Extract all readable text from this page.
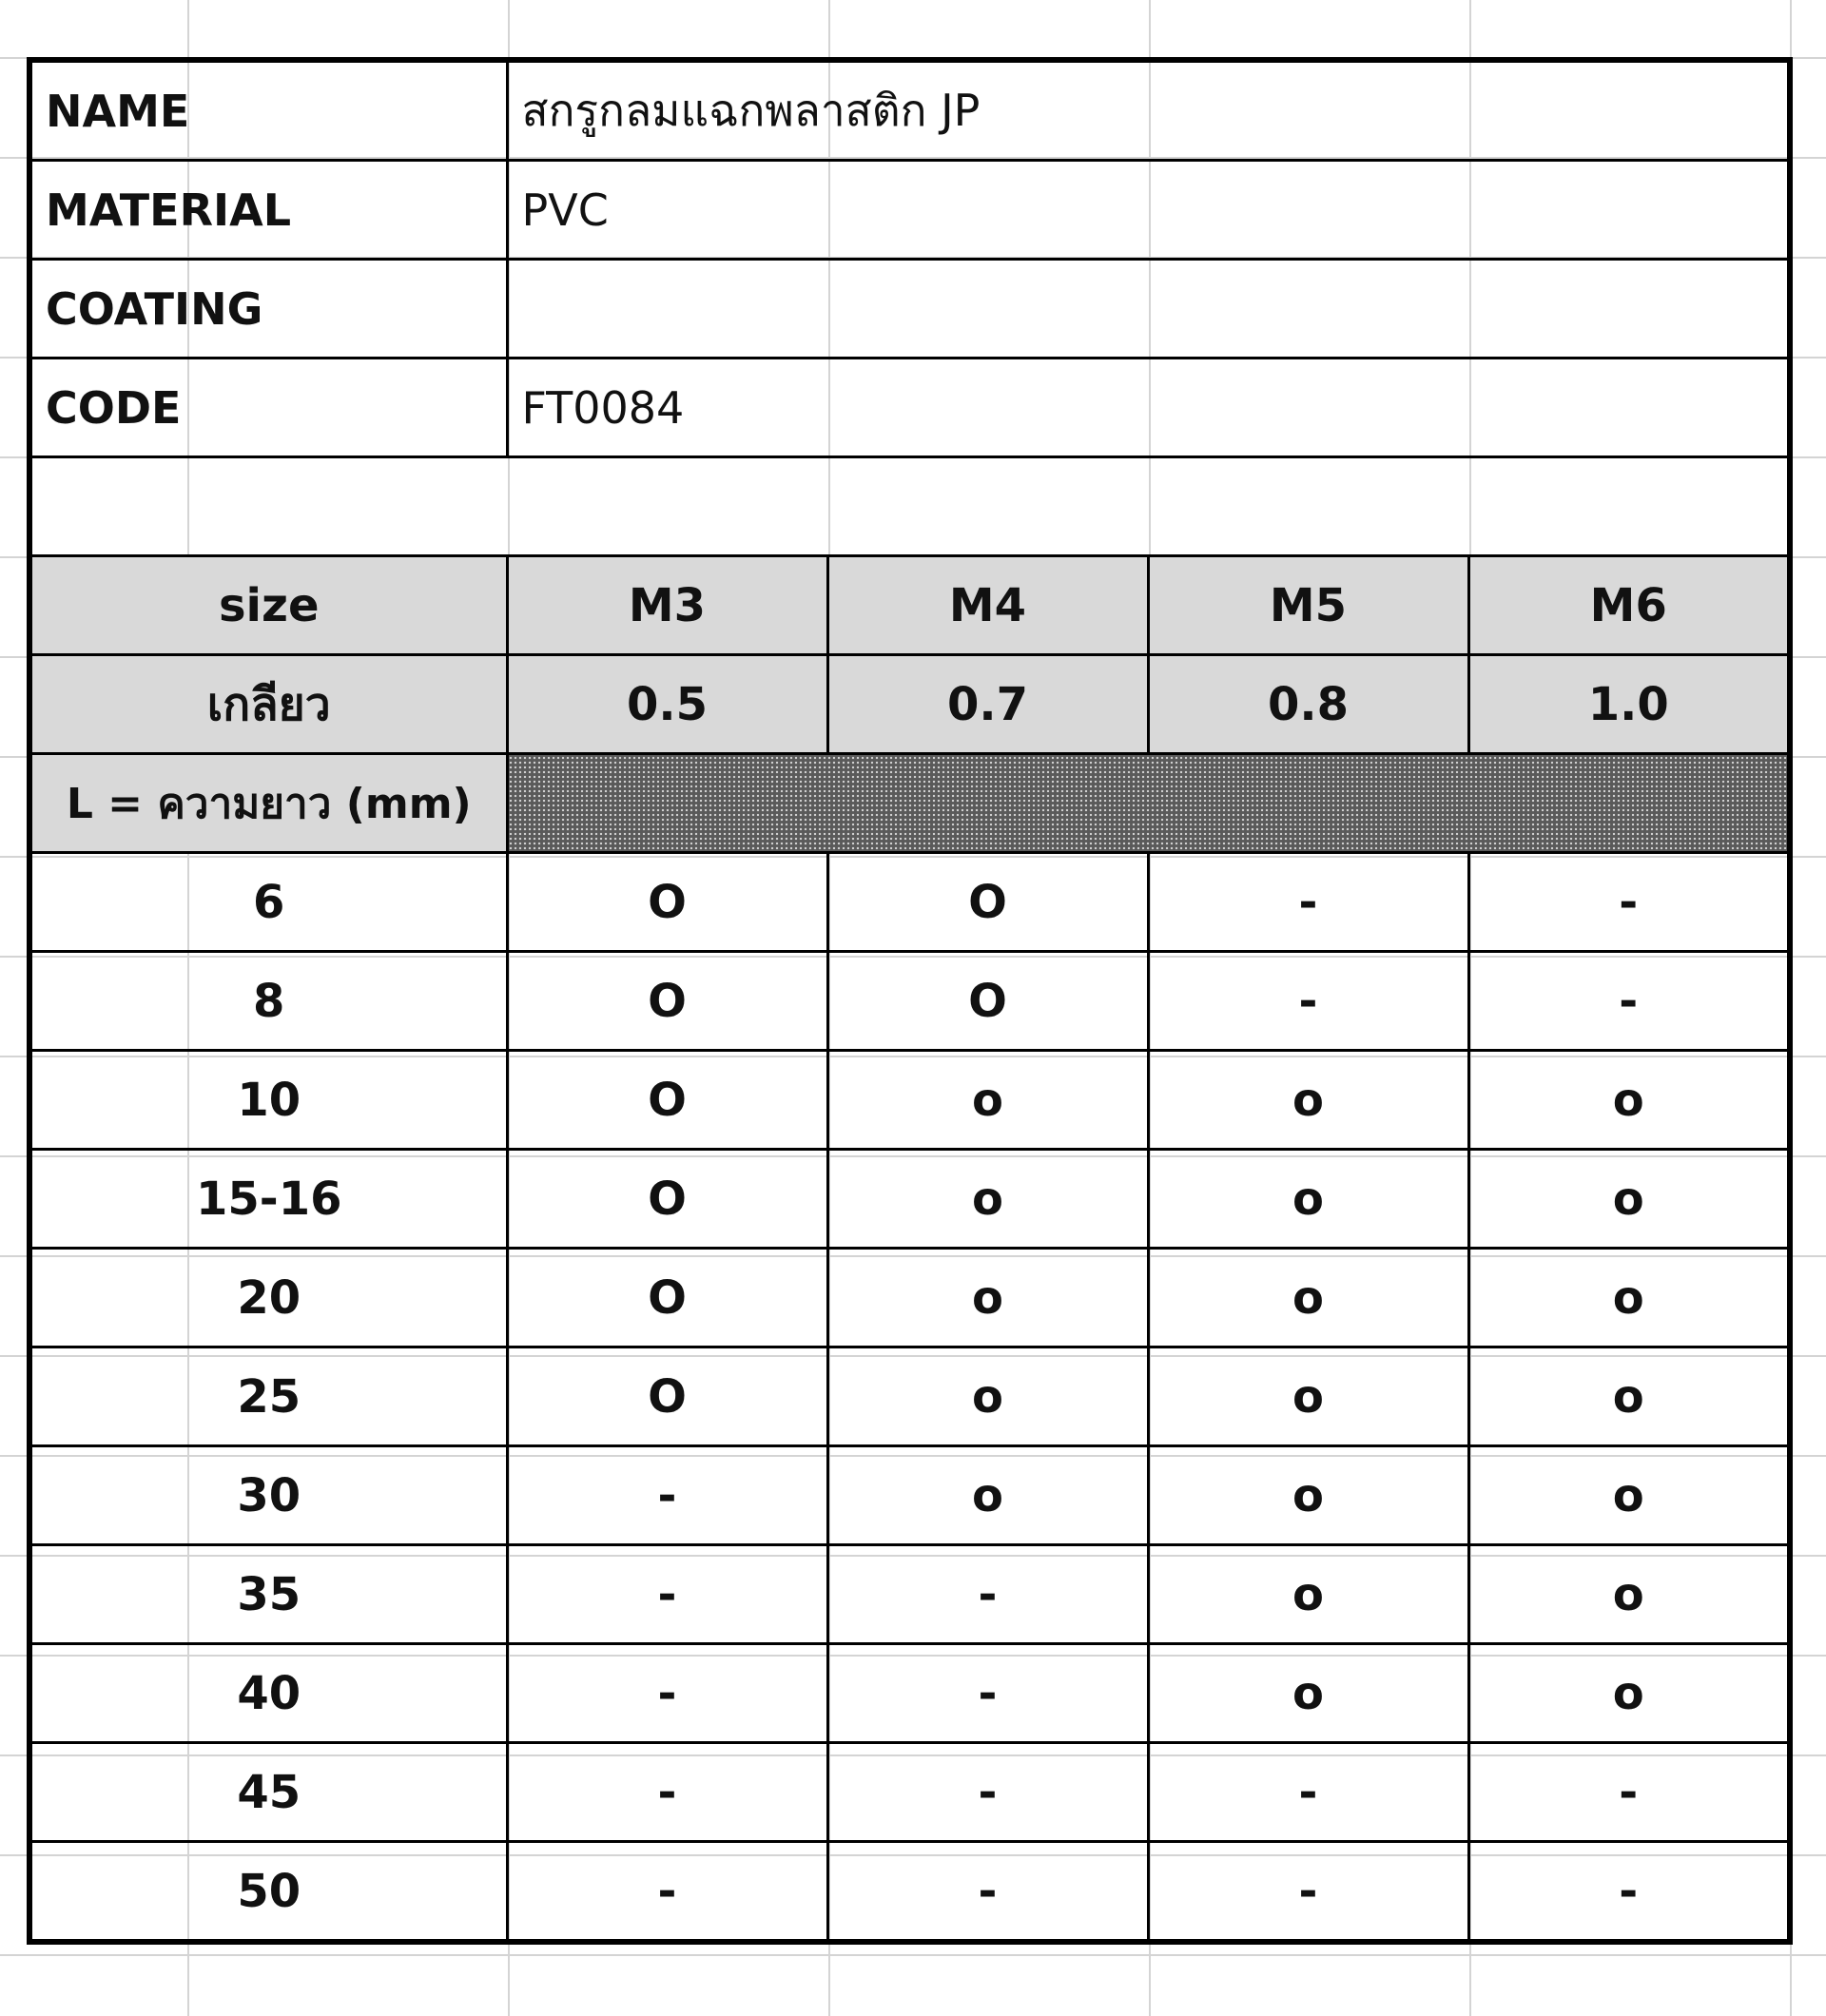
NAME	สกรูกลมแฉกพลาสติก JP			
MATERIAL	PVC			
COATING				
CODE	FT0084			

size	M3	M4	M5	M6
เกลียว	0.5	0.7	0.8	1.0
L = ความยาว (mm)				
6	O	O	-	-
8	O	O	-	-
10	O	o	o	o
15-16	O	o	o	o
20	O	o	o	o
25	O	o	o	o
30	-	o	o	o
35	-	-	o	o
40	-	-	o	o
45	-	-	-	-
50	-	-	-	-
